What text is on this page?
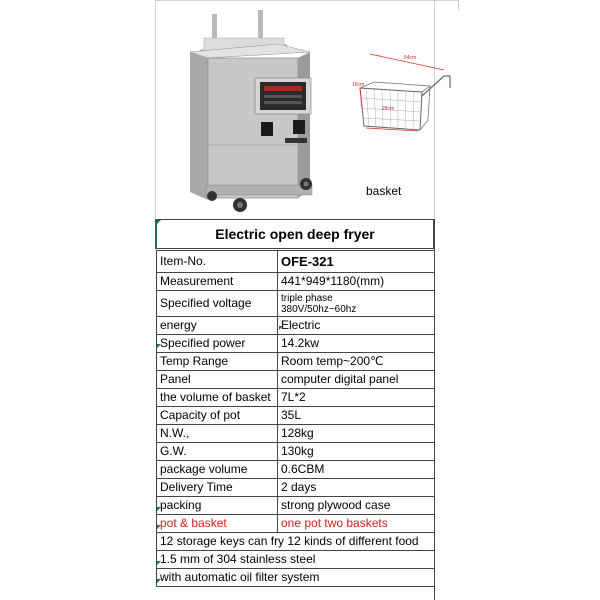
64cm
16cm
28cm
basket
Electric open deep fryer
Item-No.	OFE-321
Measurement	441*949*1180(mm)
Specified voltage	triple phase
380V/50hz~60hz

energy	Electric
Specified power	14.2kw
Temp Range	Room temp~200℃
Panel	computer digital panel
the volume of basket	7L*2
Capacity of pot	35L
N.W.,	128kg
G.W.	130kg
package volume	0.6CBM
Delivery Time	2 days
packing	strong plywood case
pot & basket	one pot two baskets
12 storage keys can fry 12 kinds of different food	
1.5 mm of 304 stainless steel	
with automatic oil filter system	
